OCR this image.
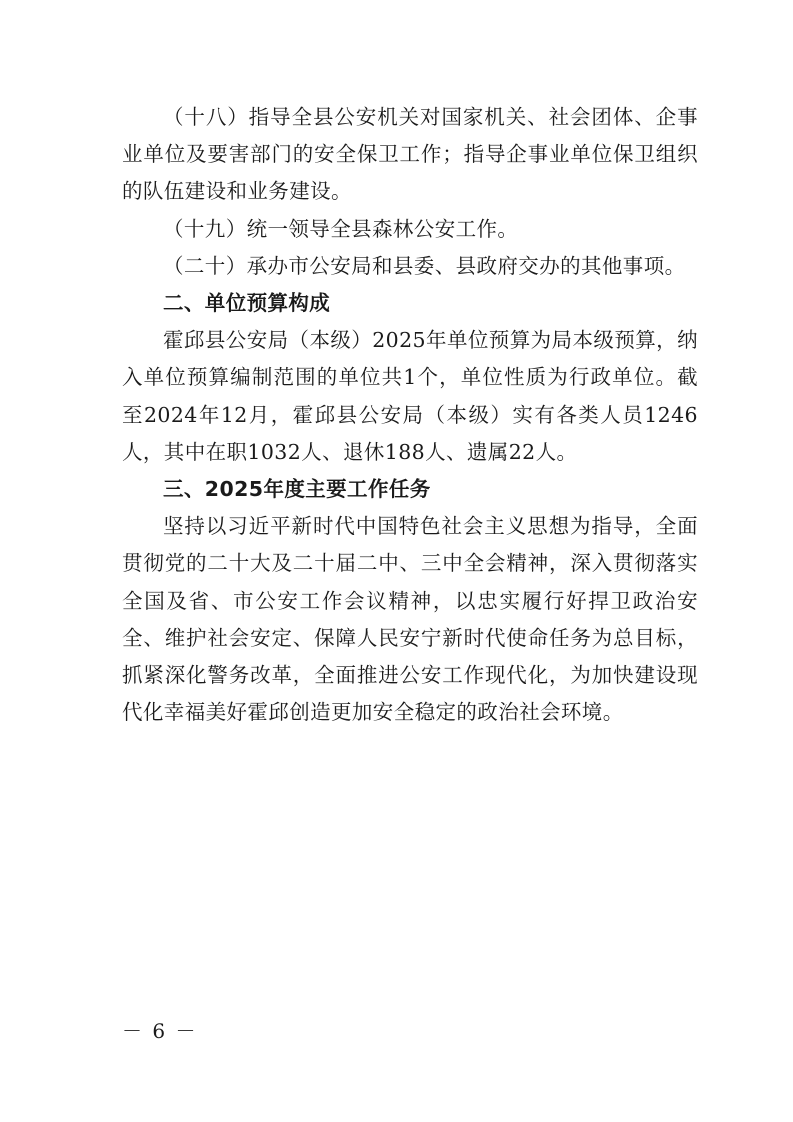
（十八）指导全县公安机关对国家机关、社会团体、企事业单位及要害部门的安全保卫工作；指导企事业单位保卫组织的队伍建设和业务建设。

（十九）统一领导全县森林公安工作。

（二十）承办市公安局和县委、县政府交办的其他事项。

二、单位预算构成

霍邱县公安局（本级）2025年单位预算为局本级预算，纳入单位预算编制范围的单位共1个，单位性质为行政单位。截至2024年12月，霍邱县公安局（本级）实有各类人员1246人，其中在职1032人、退休188人、遗属22人。

三、2025年度主要工作任务

坚持以习近平新时代中国特色社会主义思想为指导，全面贯彻党的二十大及二十届二中、三中全会精神，深入贯彻落实全国及省、市公安工作会议精神，以忠实履行好捍卫政治安全、维护社会安定、保障人民安宁新时代使命任务为总目标，抓紧深化警务改革，全面推进公安工作现代化，为加快建设现代化幸福美好霍邱创造更加安全稳定的政治社会环境。

－ 6 －
